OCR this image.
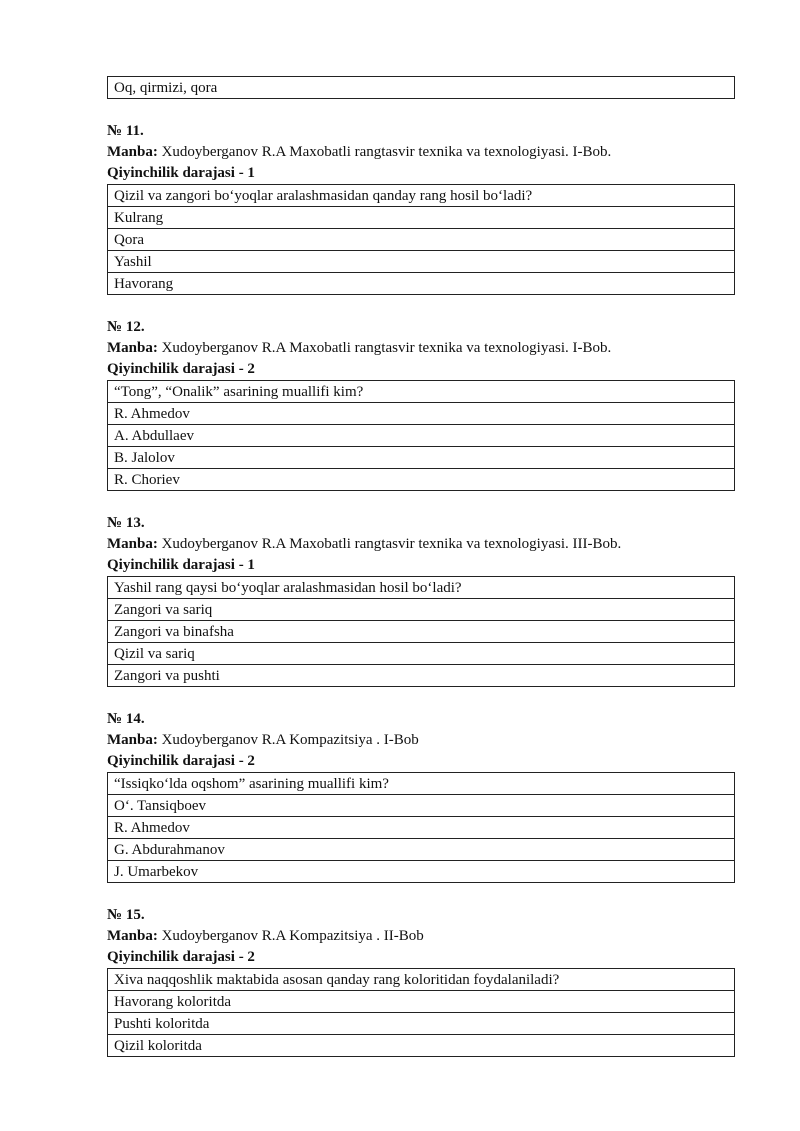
Oq, qirmizi, qora
№ 11.
Manba: Xudoyberganov R.A Maxobatli rangtasvir texnika va texnologiyasi. I-Bob.
Qiyinchilik darajasi - 1
Qizil va zangori bo‘yoqlar aralashmasidan qanday rang hosil bo‘ladi?
Kulrang
Qora
Yashil
Havorang
№ 12.
Manba: Xudoyberganov R.A Maxobatli rangtasvir texnika va texnologiyasi. I-Bob.
Qiyinchilik darajasi - 2
“Tong”, “Onalik” asarining muallifi kim?
R. Ahmedov
A. Abdullaev
B. Jalolov
R. Choriev
№ 13.
Manba: Xudoyberganov R.A Maxobatli rangtasvir texnika va texnologiyasi. III-Bob.
Qiyinchilik darajasi - 1
Yashil rang qaysi bo‘yoqlar aralashmasidan hosil bo‘ladi?
Zangori va sariq
Zangori va binafsha
Qizil va sariq
Zangori va pushti
№ 14.
Manba: Xudoyberganov R.A Kompazitsiya . I-Bob
Qiyinchilik darajasi - 2
“Issiqko‘lda oqshom” asarining muallifi kim?
O‘. Tansiqboev
R. Ahmedov
G. Abdurahmanov
J. Umarbekov
№ 15.
Manba: Xudoyberganov R.A Kompazitsiya . II-Bob
Qiyinchilik darajasi - 2
Xiva naqqoshlik maktabida asosan qanday rang koloritidan foydalaniladi?
Havorang koloritda
Pushti koloritda
Qizil koloritda
